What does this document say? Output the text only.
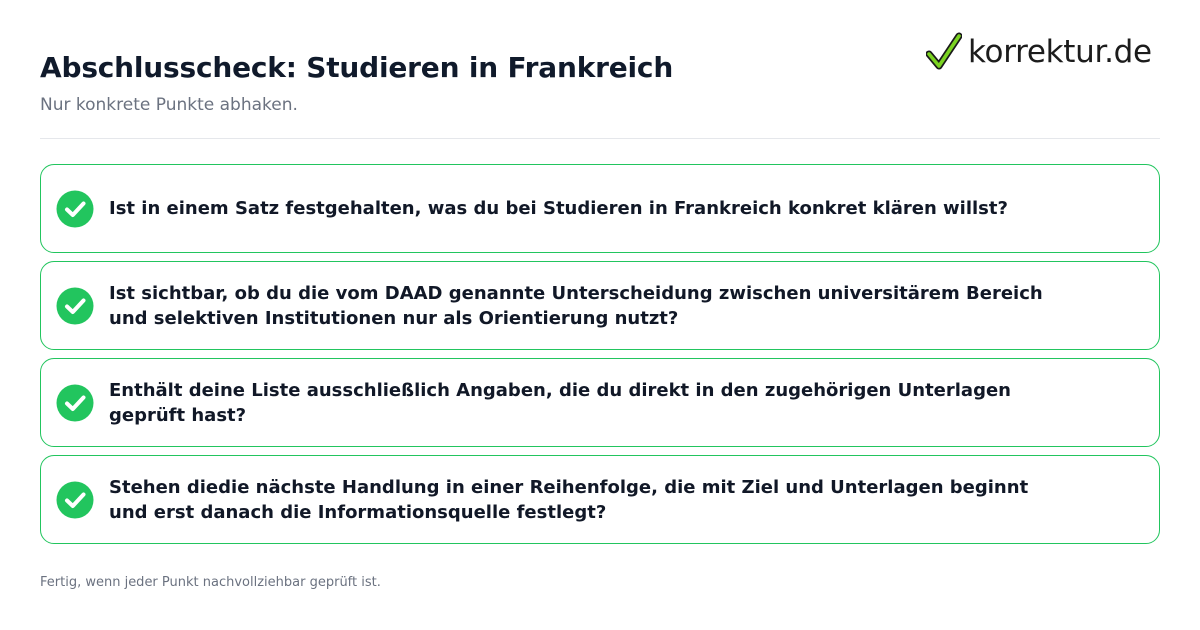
Abschlusscheck: Studieren in Frankreich

Nur konkrete Punkte abhaken.

korrektur.de
Ist in einem Satz festgehalten, was du bei Studieren in Frankreich konkret klären willst?
Ist sichtbar, ob du die vom DAAD genannte Unterscheidung zwischen universitärem Bereich und selektiven Institutionen nur als Orientierung nutzt?
Enthält deine Liste ausschließlich Angaben, die du direkt in den zugehörigen Unterlagen geprüft hast?
Stehen diedie nächste Handlung in einer Reihenfolge, die mit Ziel und Unterlagen beginnt und erst danach die Informationsquelle festlegt?
Fertig, wenn jeder Punkt nachvollziehbar geprüft ist.
